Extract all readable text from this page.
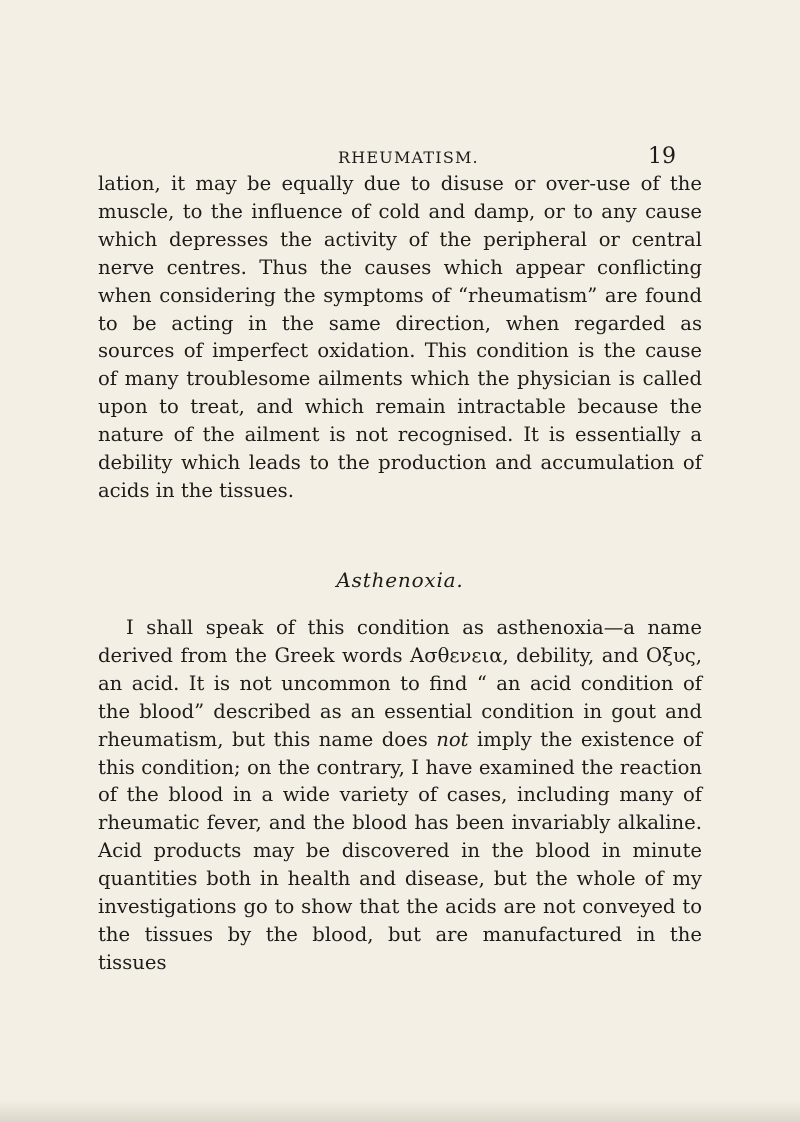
RHEUMATISM.	19

lation, it may be equally due to disuse or over-use of the muscle, to the influence of cold and damp, or to any cause which depresses the activity of the peripheral or central nerve centres. Thus the causes which appear conflicting when considering the symptoms of “rheumatism” are found to be acting in the same direction, when regarded as sources of imperfect oxidation. This condition is the cause of many troublesome ailments which the physician is called upon to treat, and which remain intractable because the nature of the ailment is not recognised. It is essentially a debility which leads to the production and accumulation of acids in the tissues.

Asthenoxia.

I shall speak of this condition as asthenoxia—a name derived from the Greek words Ασθενεια, debility, and Οξυς, an acid. It is not uncommon to find “ an acid condition of the blood” described as an essential condition in gout and rheumatism, but this name does not imply the existence of this condition; on the contrary, I have examined the reaction of the blood in a wide variety of cases, including many of rheumatic fever, and the blood has been invariably alkaline. Acid products may be discovered in the blood in minute quantities both in health and disease, but the whole of my investigations go to show that the acids are not conveyed to the tissues by the blood, but are manufactured in the tissues
